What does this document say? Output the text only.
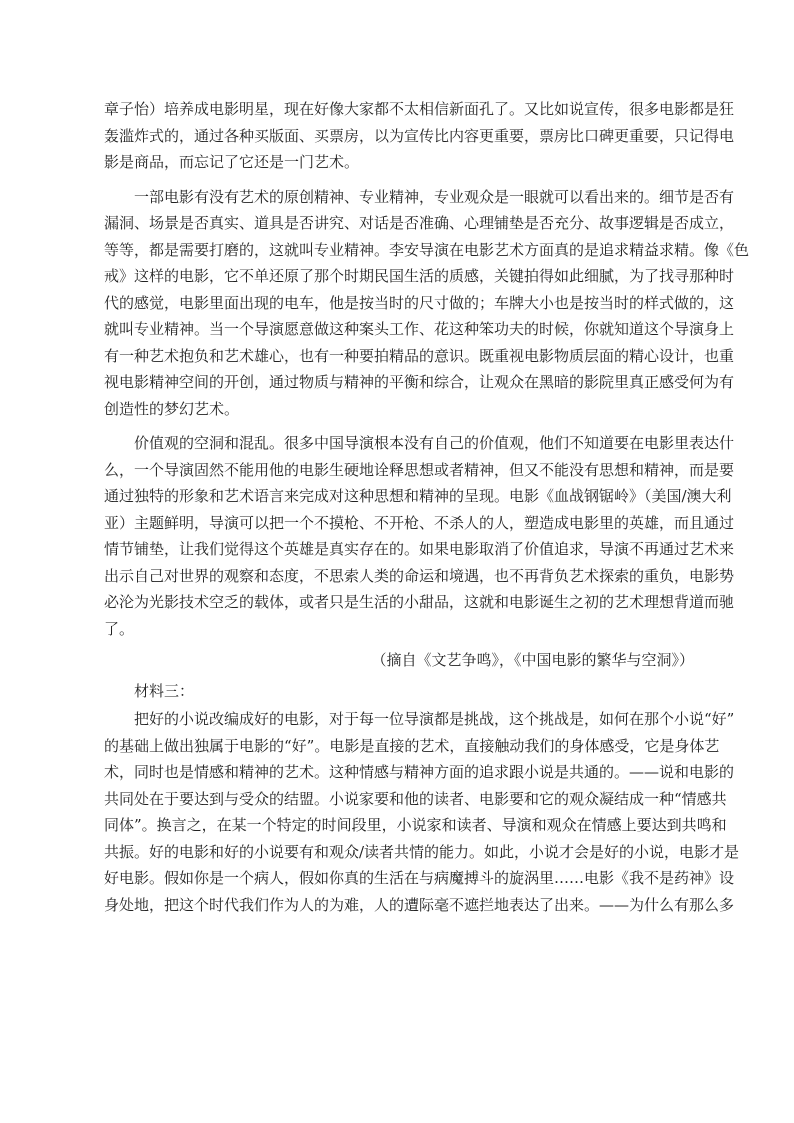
章子怡）培养成电影明星，现在好像大家都不太相信新面孔了。又比如说宣传，很多电影都是狂
轰滥炸式的，通过各种买版面、买票房，以为宣传比内容更重要，票房比口碑更重要，只记得电
影是商品，而忘记了它还是一门艺术。
一部电影有没有艺术的原创精神、专业精神，专业观众是一眼就可以看出来的。细节是否有
漏洞、场景是否真实、道具是否讲究、对话是否准确、心理铺垫是否充分、故事逻辑是否成立，
等等，都是需要打磨的，这就叫专业精神。李安导演在电影艺术方面真的是追求精益求精。像《色
戒》这样的电影，它不单还原了那个时期民国生活的质感，关键拍得如此细腻，为了找寻那种时
代的感觉，电影里面出现的电车，他是按当时的尺寸做的；车牌大小也是按当时的样式做的，这
就叫专业精神。当一个导演愿意做这种案头工作、花这种笨功夫的时候，你就知道这个导演身上
有一种艺术抱负和艺术雄心，也有一种要拍精品的意识。既重视电影物质层面的精心设计，也重
视电影精神空间的开创，通过物质与精神的平衡和综合，让观众在黑暗的影院里真正感受何为有
创造性的梦幻艺术。
价值观的空洞和混乱。很多中国导演根本没有自己的价值观，他们不知道要在电影里表达什
么，一个导演固然不能用他的电影生硬地诠释思想或者精神，但又不能没有思想和精神，而是要
通过独特的形象和艺术语言来完成对这种思想和精神的呈现。电影《血战钢锯岭》（美国/澳大利
亚）主题鲜明，导演可以把一个不摸枪、不开枪、不杀人的人，塑造成电影里的英雄，而且通过
情节铺垫，让我们觉得这个英雄是真实存在的。如果电影取消了价值追求，导演不再通过艺术来
出示自己对世界的观察和态度，不思索人类的命运和境遇，也不再背负艺术探索的重负，电影势
必沦为光影技术空乏的载体，或者只是生活的小甜品，这就和电影诞生之初的艺术理想背道而驰
了。
（摘自《文艺争鸣》，《中国电影的繁华与空洞》）
材料三：
把好的小说改编成好的电影，对于每一位导演都是挑战，这个挑战是，如何在那个小说“好”
的基础上做出独属于电影的“好”。电影是直接的艺术，直接触动我们的身体感受，它是身体艺
术，同时也是情感和精神的艺术。这种情感与精神方面的追求跟小说是共通的。——说和电影的
共同处在于要达到与受众的结盟。小说家要和他的读者、电影要和它的观众凝结成一种“情感共
同体”。换言之，在某一个特定的时间段里，小说家和读者、导演和观众在情感上要达到共鸣和
共振。好的电影和好的小说要有和观众/读者共情的能力。如此，小说才会是好的小说，电影才是
好电影。假如你是一个病人，假如你真的生活在与病魔搏斗的旋涡里……电影《我不是药神》设
身处地，把这个时代我们作为人的为难，人的遭际毫不遮拦地表达了出来。——为什么有那么多
